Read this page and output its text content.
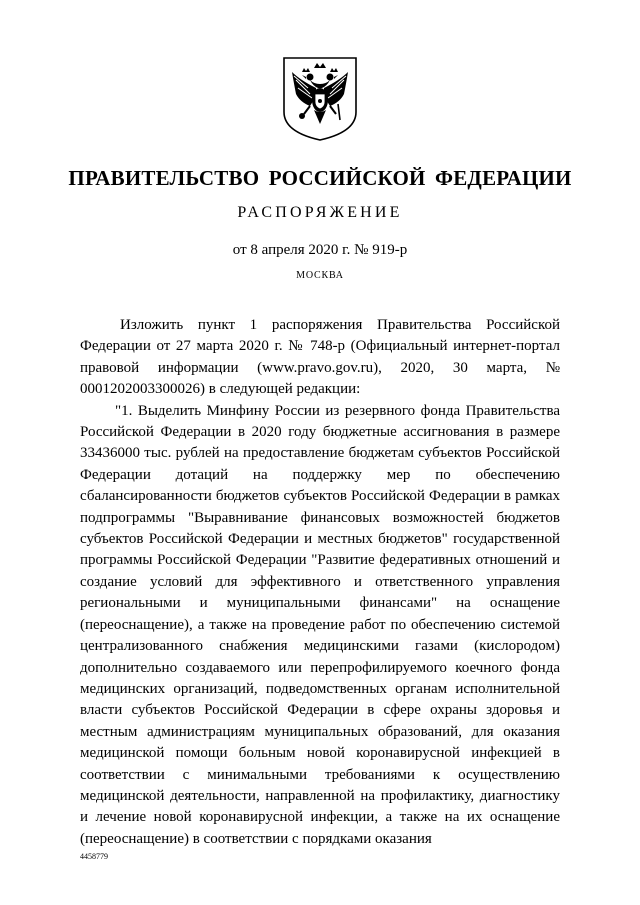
ПРАВИТЕЛЬСТВО РОССИЙСКОЙ ФЕДЕРАЦИИ
РАСПОРЯЖЕНИЕ
от 8 апреля 2020 г. № 919-р
МОСКВА

Изложить пункт 1 распоряжения Правительства Российской Федерации от 27 марта 2020 г. № 748-р (Официальный интернет-портал правовой информации (www.pravo.gov.ru), 2020, 30 марта, № 0001202003300026) в следующей редакции:

"1. Выделить Минфину России из резервного фонда Правительства Российской Федерации в 2020 году бюджетные ассигнования в размере 33436000 тыс. рублей на предоставление бюджетам субъектов Российской Федерации дотаций на поддержку мер по обеспечению сбалансированности бюджетов субъектов Российской Федерации в рамках подпрограммы "Выравнивание финансовых возможностей бюджетов субъектов Российской Федерации и местных бюджетов" государственной программы Российской Федерации "Развитие федеративных отношений и создание условий для эффективного и ответственного управления региональными и муниципальными финансами" на оснащение (переоснащение), а также на проведение работ по обеспечению системой централизованного снабжения медицинскими газами (кислородом) дополнительно создаваемого или перепрофилируемого коечного фонда медицинских организаций, подведомственных органам исполнительной власти субъектов Российской Федерации в сфере охраны здоровья и местным администрациям муниципальных образований, для оказания медицинской помощи больным новой коронавирусной инфекцией в соответствии с минимальными требованиями к осуществлению медицинской деятельности, направленной на профилактику, диагностику и лечение новой коронавирусной инфекции, а также на их оснащение (переоснащение) в соответствии с порядками оказания

4458779
